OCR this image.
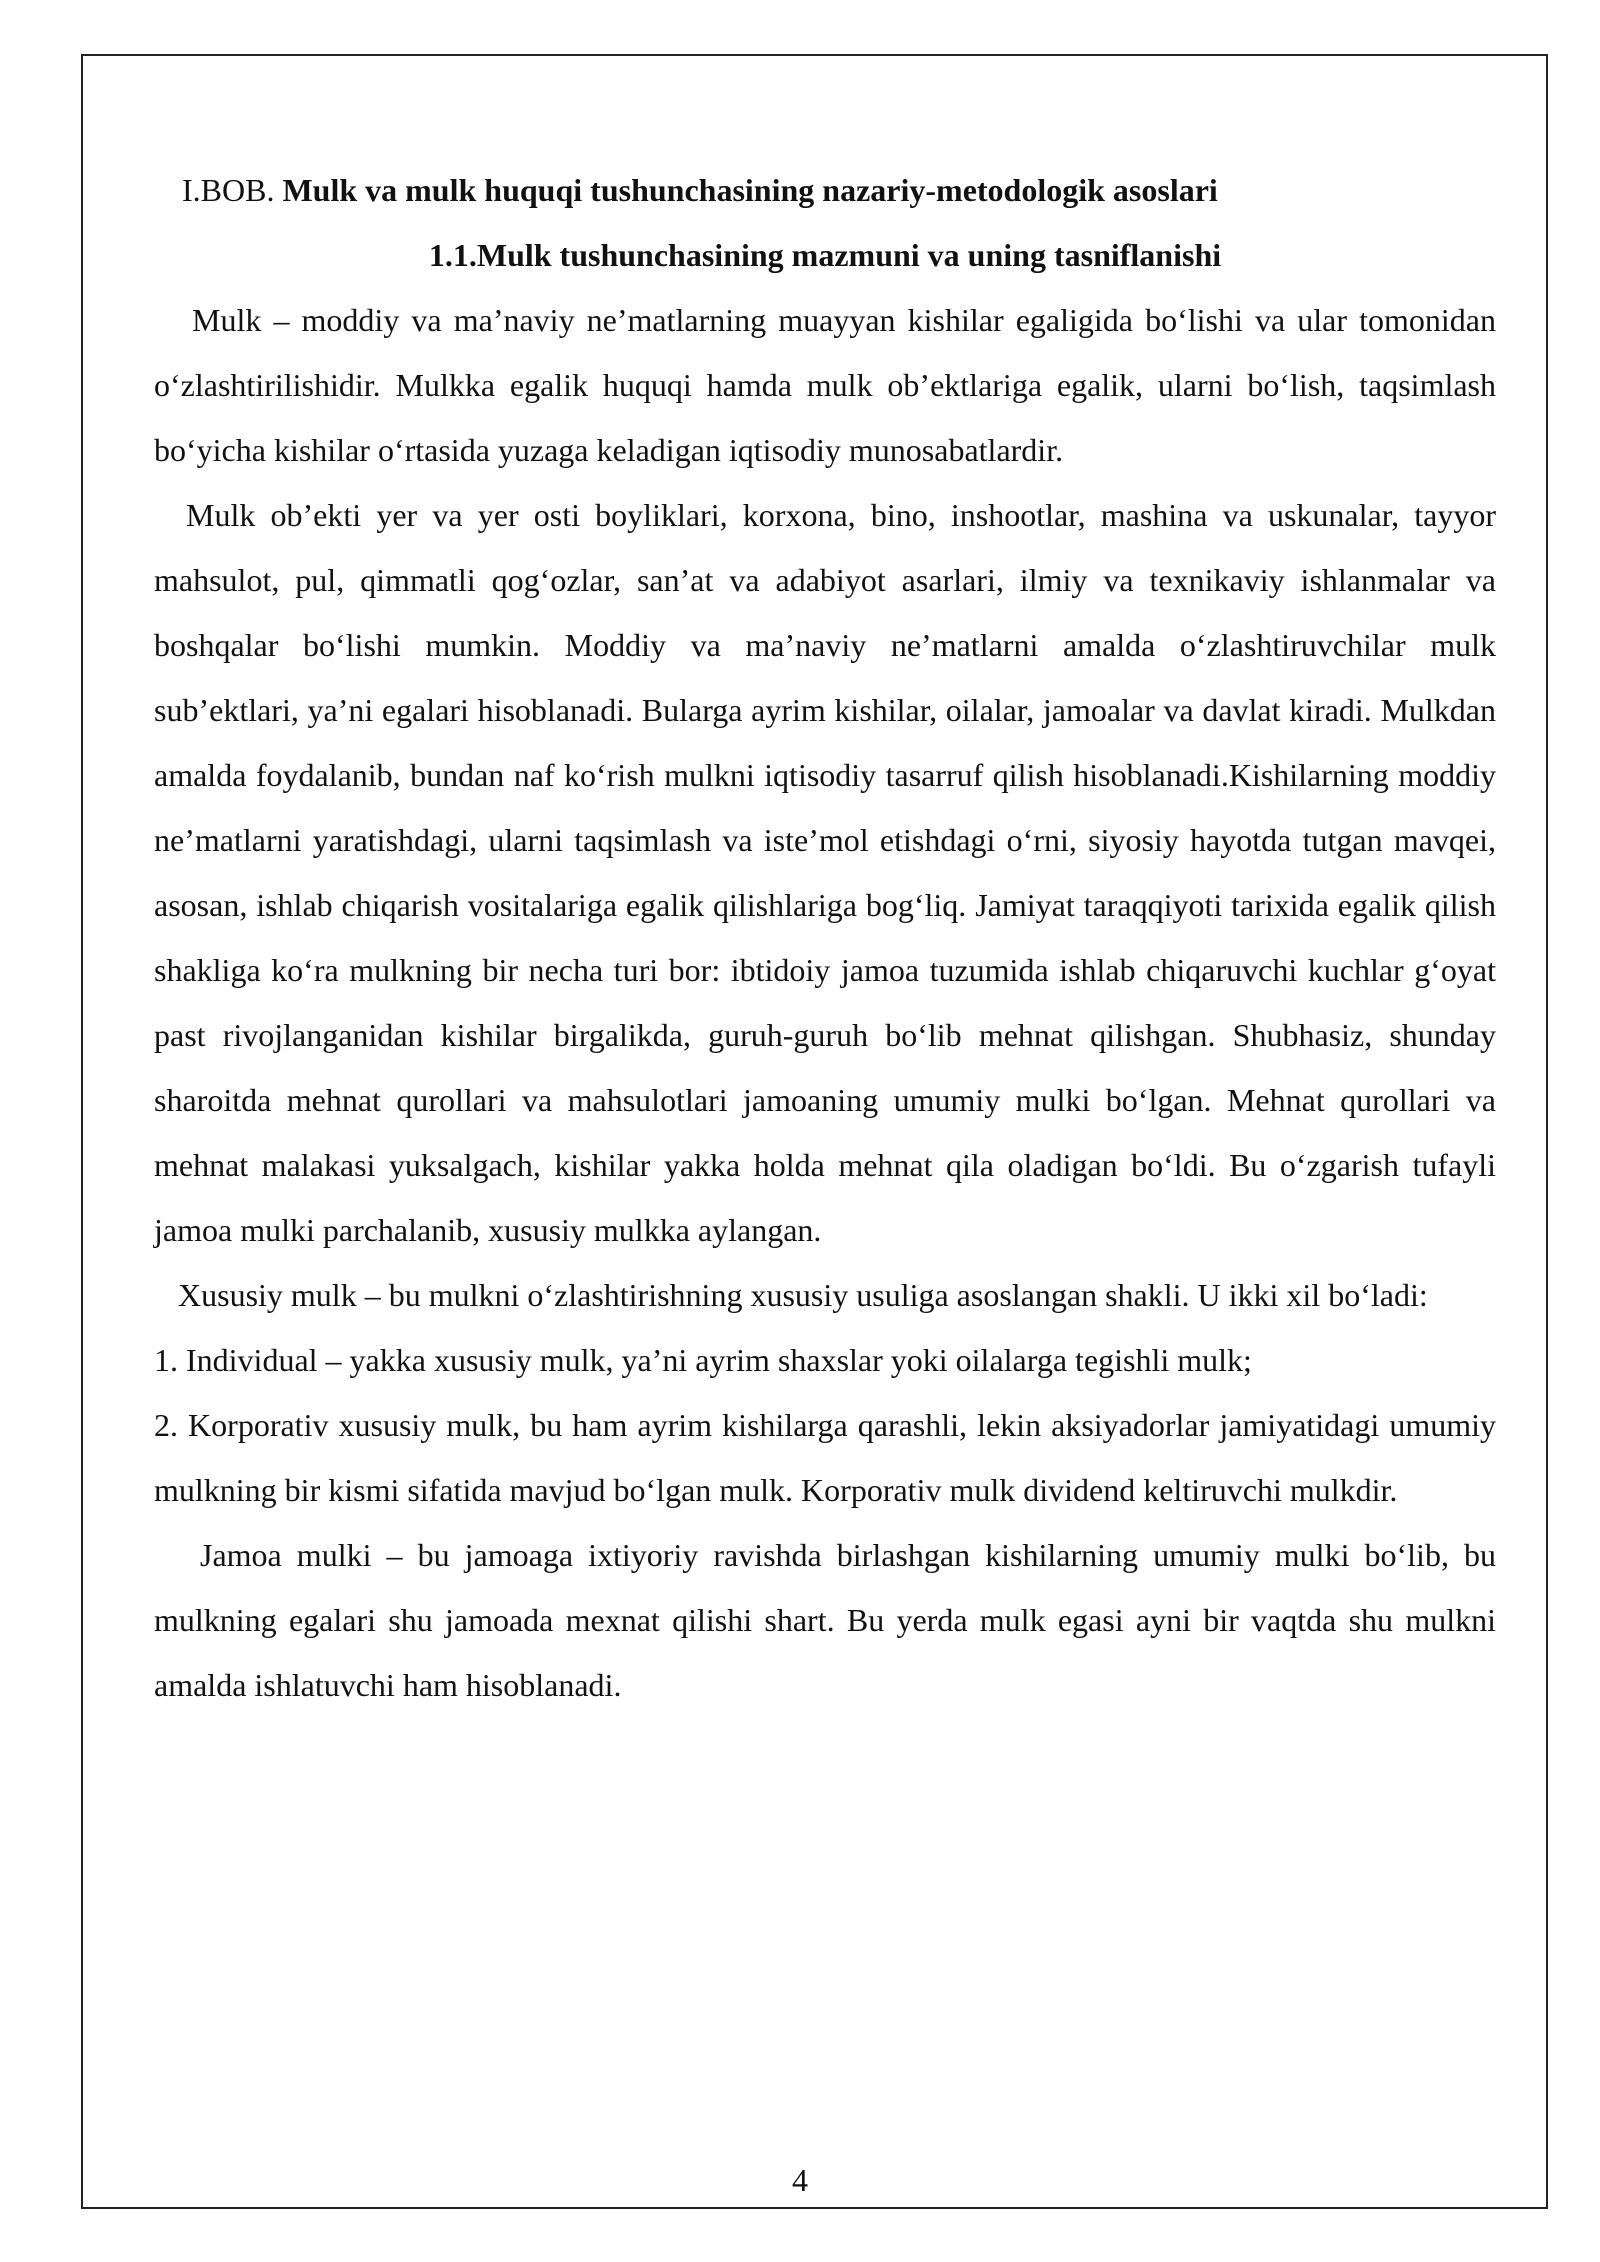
I.BOB. Mulk va mulk huquqi tushunchasining nazariy-metodologik asoslari
1.1.Mulk tushunchasining mazmuni va uning tasniflanishi

Mulk – moddiy va ma’naviy ne’matlarning muayyan kishilar egaligida bo‘lishi va ular tomonidan o‘zlashtirilishidir. Mulkka egalik huquqi hamda mulk ob’ektlariga egalik, ularni bo‘lish, taqsimlash bo‘yicha kishilar o‘rtasida yuzaga keladigan iqtisodiy munosabatlardir.

Mulk ob’ekti yer va yer osti boyliklari, korxona, bino, inshootlar, mashina va uskunalar, tayyor mahsulot, pul, qimmatli qog‘ozlar, san’at va adabiyot asarlari, ilmiy va texnikaviy ishlanmalar va boshqalar bo‘lishi mumkin. Moddiy va ma’naviy ne’matlarni amalda o‘zlashtiruvchilar mulk sub’ektlari, ya’ni egalari hisoblanadi. Bularga ayrim kishilar, oilalar, jamoalar va davlat kiradi. Mulkdan amalda foydalanib, bundan naf ko‘rish mulkni iqtisodiy tasarruf qilish hisoblanadi.Kishilarning moddiy ne’matlarni yaratishdagi, ularni taqsimlash va iste’mol etishdagi o‘rni, siyosiy hayotda tutgan mavqei, asosan, ishlab chiqarish vositalariga egalik qilishlariga bog‘liq. Jamiyat taraqqiyoti tarixida egalik qilish shakliga ko‘ra mulkning bir necha turi bor: ibtidoiy jamoa tuzumida ishlab chiqaruvchi kuchlar g‘oyat past rivojlanganidan kishilar birgalikda, guruh-guruh bo‘lib mehnat qilishgan. Shubhasiz, shunday sharoitda mehnat qurollari va mahsulotlari jamoaning umumiy mulki bo‘lgan. Mehnat qurollari va mehnat malakasi yuksalgach, kishilar yakka holda mehnat qila oladigan bo‘ldi. Bu o‘zgarish tufayli jamoa mulki parchalanib, xususiy mulkka aylangan.

Xususiy mulk – bu mulkni o‘zlashtirishning xususiy usuliga asoslangan shakli. U ikki xil bo‘ladi:

1. Individual – yakka xususiy mulk, ya’ni ayrim shaxslar yoki oilalarga tegishli mulk;

2. Korporativ xususiy mulk, bu ham ayrim kishilarga qarashli, lekin aksiyadorlar jamiyatidagi umumiy mulkning bir kismi sifatida mavjud bo‘lgan mulk. Korporativ mulk dividend keltiruvchi mulkdir.

Jamoa mulki – bu jamoaga ixtiyoriy ravishda birlashgan kishilarning umumiy mulki bo‘lib, bu mulkning egalari shu jamoada mexnat qilishi shart. Bu yerda mulk egasi ayni bir vaqtda shu mulkni amalda ishlatuvchi ham hisoblanadi.

4
